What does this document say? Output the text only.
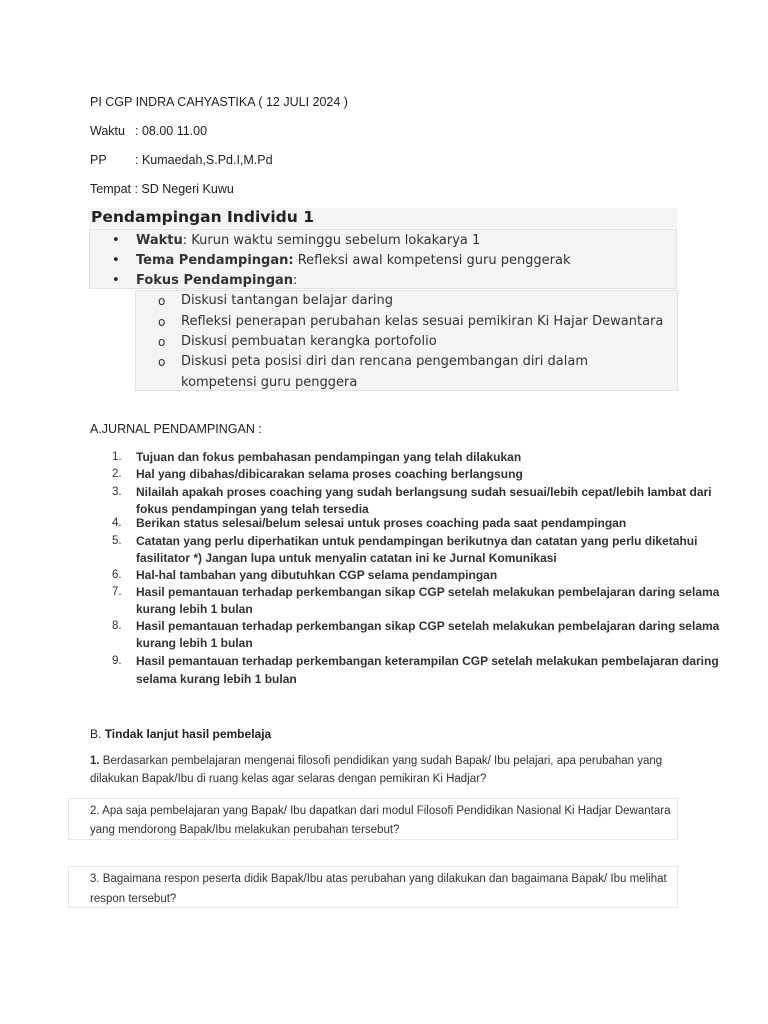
PI CGP INDRA CAHYASTIKA ( 12 JULI 2024 )
Waktu : 08.00 11.00
PP : Kumaedah,S.Pd.I,M.Pd
Tempat : SD Negeri Kuwu
Pendampingan Individu 1
• Waktu: Kurun waktu seminggu sebelum lokakarya 1
• Tema Pendampingan: Refleksi awal kompetensi guru penggerak
• Fokus Pendampingan:
o Diskusi tantangan belajar daring
o Refleksi penerapan perubahan kelas sesuai pemikiran Ki Hajar Dewantara
o Diskusi pembuatan kerangka portofolio
o Diskusi peta posisi diri dan rencana pengembangan diri dalam
kompetensi guru penggera
A.JURNAL PENDAMPINGAN :
1.	Tujuan dan fokus pembahasan pendampingan yang telah dilakukan
2.	Hal yang dibahas/dibicarakan selama proses coaching berlangsung
3.	Nilailah apakah proses coaching yang sudah berlangsung sudah sesuai/lebih cepat/lebih lambat dari
fokus pendampingan yang telah tersedia
4.	Berikan status selesai/belum selesai untuk proses coaching pada saat pendampingan
5.	Catatan yang perlu diperhatikan untuk pendampingan berikutnya dan catatan yang perlu diketahui
fasilitator *) Jangan lupa untuk menyalin catatan ini ke Jurnal Komunikasi
6.	Hal-hal tambahan yang dibutuhkan CGP selama pendampingan
7.	Hasil pemantauan terhadap perkembangan sikap CGP setelah melakukan pembelajaran daring selama
kurang lebih 1 bulan
8.	Hasil pemantauan terhadap perkembangan sikap CGP setelah melakukan pembelajaran daring selama
kurang lebih 1 bulan
9.	Hasil pemantauan terhadap perkembangan keterampilan CGP setelah melakukan pembelajaran daring
selama kurang lebih 1 bulan
B. Tindak lanjut hasil pembelaja
1. Berdasarkan pembelajaran mengenai filosofi pendidikan yang sudah Bapak/ Ibu pelajari, apa perubahan yang
dilakukan Bapak/Ibu di ruang kelas agar selaras dengan pemikiran Ki Hadjar?
2. Apa saja pembelajaran yang Bapak/ Ibu dapatkan dari modul Filosofi Pendidikan Nasional Ki Hadjar Dewantara
yang mendorong Bapak/Ibu melakukan perubahan tersebut?
3. Bagaimana respon peserta didik Bapak/Ibu atas perubahan yang dilakukan dan bagaimana Bapak/ Ibu melihat
respon tersebut?
